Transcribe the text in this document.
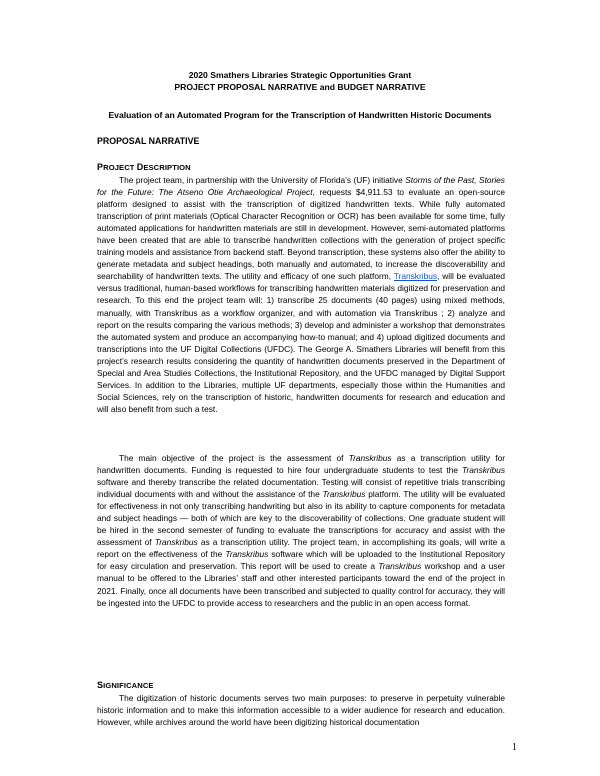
2020 Smathers Libraries Strategic Opportunities Grant
PROJECT PROPOSAL NARRATIVE and BUDGET NARRATIVE
Evaluation of an Automated Program for the Transcription of Handwritten Historic Documents
PROPOSAL NARRATIVE
PROJECT DESCRIPTION
The project team, in partnership with the University of Florida’s (UF) initiative Storms of the Past, Stories for the Future: The Atseno Otie Archaeological Project, requests $4,911.53 to evaluate an open-source platform designed to assist with the transcription of digitized handwritten texts. While fully automated transcription of print materials (Optical Character Recognition or OCR) has been available for some time, fully automated applications for handwritten materials are still in development. However, semi-automated platforms have been created that are able to transcribe handwritten collections with the generation of project specific training models and assistance from backend staff. Beyond transcription, these systems also offer the ability to generate metadata and subject headings, both manually and automated, to increase the discoverability and searchability of handwritten texts. The utility and efficacy of one such platform, Transkribus, will be evaluated versus traditional, human-based workflows for transcribing handwritten materials digitized for preservation and research. To this end the project team will: 1) transcribe 25 documents (40 pages) using mixed methods, manually, with Transkribus as a workflow organizer, and with automation via Transkribus ; 2) analyze and report on the results comparing the various methods; 3) develop and administer a workshop that demonstrates the automated system and produce an accompanying how-to manual; and 4) upload digitized documents and transcriptions into the UF Digital Collections (UFDC). The George A. Smathers Libraries will benefit from this project’s research results considering the quantity of handwritten documents preserved in the Department of Special and Area Studies Collections, the Institutional Repository, and the UFDC managed by Digital Support Services. In addition to the Libraries, multiple UF departments, especially those within the Humanities and Social Sciences, rely on the transcription of historic, handwritten documents for research and education and will also benefit from such a test.
The main objective of the project is the assessment of Transkribus as a transcription utility for handwritten documents. Funding is requested to hire four undergraduate students to test the Transkribus software and thereby transcribe the related documentation. Testing will consist of repetitive trials transcribing individual documents with and without the assistance of the Transkribus platform. The utility will be evaluated for effectiveness in not only transcribing handwriting but also in its ability to capture components for metadata and subject headings — both of which are key to the discoverability of collections. One graduate student will be hired in the second semester of funding to evaluate the transcriptions for accuracy and assist with the assessment of Transkribus as a transcription utility. The project team, in accomplishing its goals, will write a report on the effectiveness of the Transkribus software which will be uploaded to the Institutional Repository for easy circulation and preservation. This report will be used to create a Transkribus workshop and a user manual to be offered to the Libraries’ staff and other interested participants toward the end of the project in 2021. Finally, once all documents have been transcribed and subjected to quality control for accuracy, they will be ingested into the UFDC to provide access to researchers and the public in an open access format.
SIGNIFICANCE
The digitization of historic documents serves two main purposes: to preserve in perpetuity vulnerable historic information and to make this information accessible to a wider audience for research and education. However, while archives around the world have been digitizing historical documentation
1
